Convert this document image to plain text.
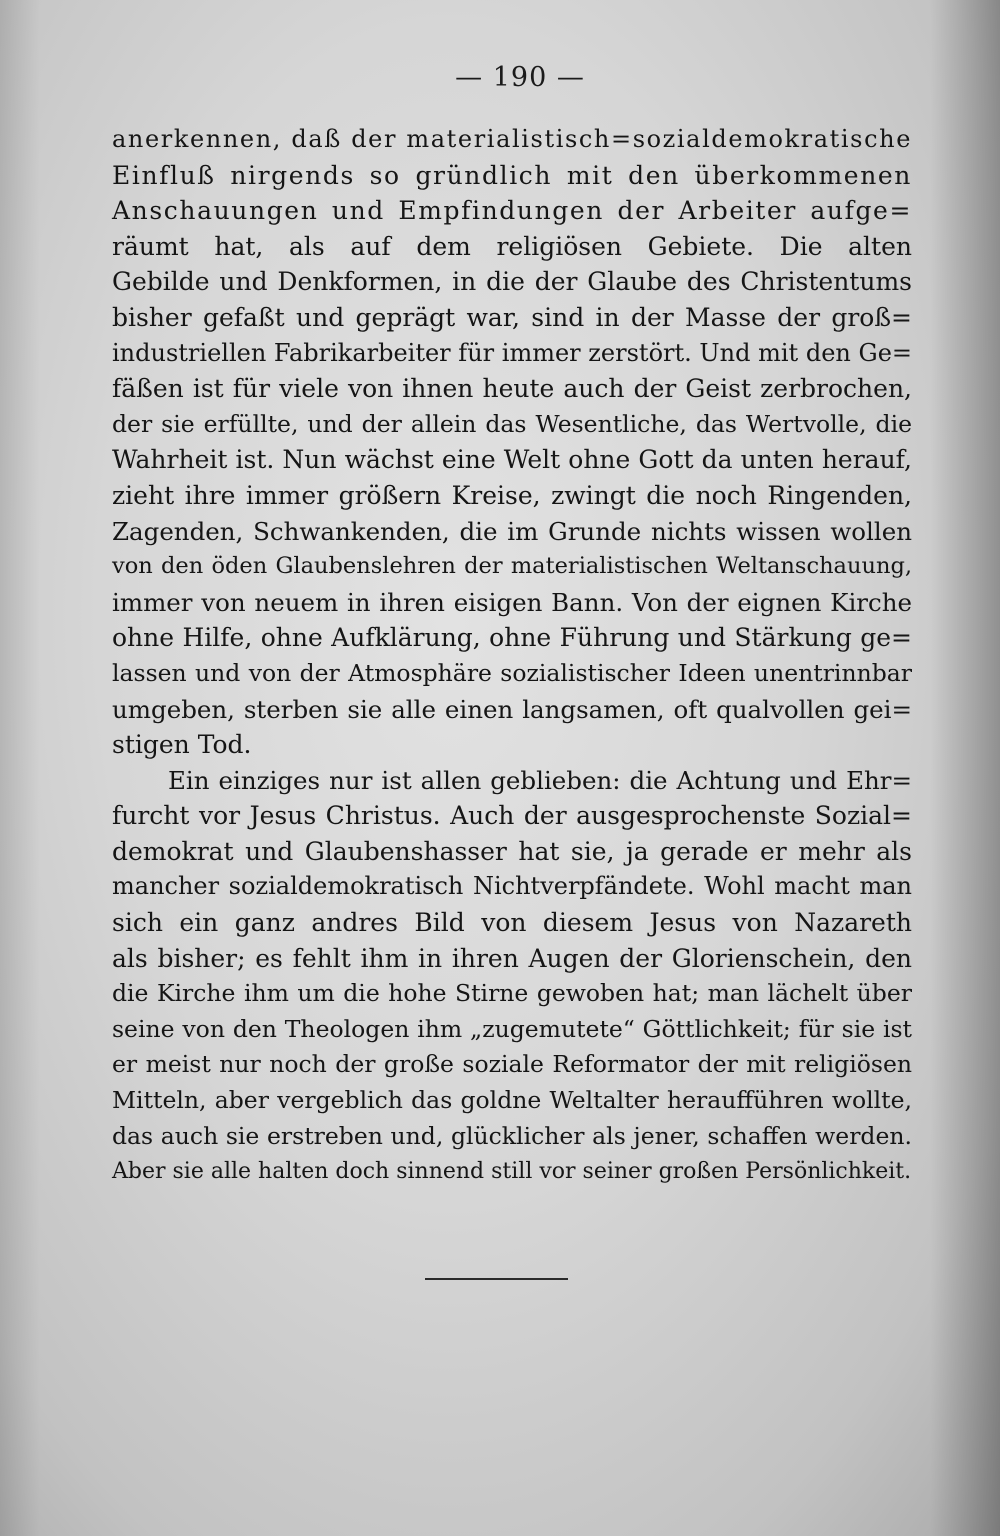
— 190 —
anerkennen, daß der materialistisch=sozialdemokratische
Einfluß nirgends so gründlich mit den überkommenen
Anschauungen und Empfindungen der Arbeiter aufge=
räumt hat, als auf dem religiösen Gebiete. Die alten
Gebilde und Denkformen, in die der Glaube des Christentums
bisher gefaßt und geprägt war, sind in der Masse der groß=
industriellen Fabrikarbeiter für immer zerstört. Und mit den Ge=
fäßen ist für viele von ihnen heute auch der Geist zerbrochen,
der sie erfüllte, und der allein das Wesentliche, das Wertvolle, die
Wahrheit ist. Nun wächst eine Welt ohne Gott da unten herauf,
zieht ihre immer größern Kreise, zwingt die noch Ringenden,
Zagenden, Schwankenden, die im Grunde nichts wissen wollen
von den öden Glaubenslehren der materialistischen Weltanschauung,
immer von neuem in ihren eisigen Bann. Von der eignen Kirche
ohne Hilfe, ohne Aufklärung, ohne Führung und Stärkung ge=
lassen und von der Atmosphäre sozialistischer Ideen unentrinnbar
umgeben, sterben sie alle einen langsamen, oft qualvollen gei=
stigen Tod.
Ein einziges nur ist allen geblieben: die Achtung und Ehr=
furcht vor Jesus Christus. Auch der ausgesprochenste Sozial=
demokrat und Glaubenshasser hat sie, ja gerade er mehr als
mancher sozialdemokratisch Nichtverpfändete. Wohl macht man
sich ein ganz andres Bild von diesem Jesus von Nazareth
als bisher; es fehlt ihm in ihren Augen der Glorienschein, den
die Kirche ihm um die hohe Stirne gewoben hat; man lächelt über
seine von den Theologen ihm „zugemutete“ Göttlichkeit; für sie ist
er meist nur noch der große soziale Reformator der mit religiösen
Mitteln, aber vergeblich das goldne Weltalter heraufführen wollte,
das auch sie erstreben und, glücklicher als jener, schaffen werden.
Aber sie alle halten doch sinnend still vor seiner großen Persönlichkeit.
